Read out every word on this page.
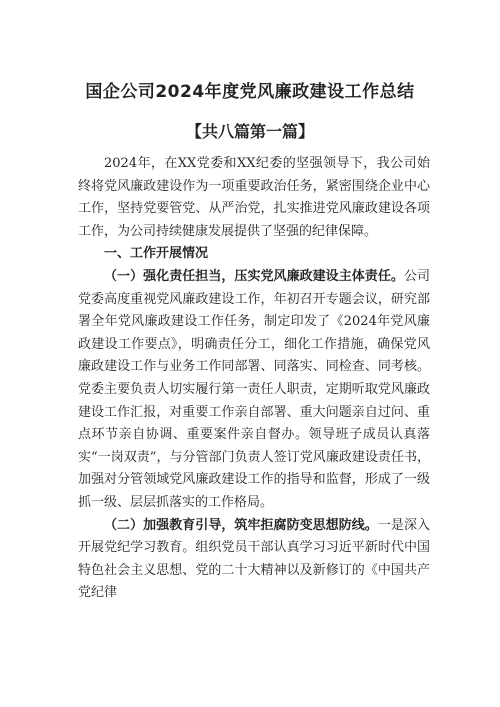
国企公司2024年度党风廉政建设工作总结
【共八篇第一篇】

2024年，在XX党委和XX纪委的坚强领导下，我公司始终将党风廉政建设作为一项重要政治任务，紧密围绕企业中心工作，坚持党要管党、从严治党，扎实推进党风廉政建设各项工作，为公司持续健康发展提供了坚强的纪律保障。

一、工作开展情况

（一）强化责任担当，压实党风廉政建设主体责任。公司党委高度重视党风廉政建设工作，年初召开专题会议，研究部署全年党风廉政建设工作任务，制定印发了《2024年党风廉政建设工作要点》，明确责任分工，细化工作措施，确保党风廉政建设工作与业务工作同部署、同落实、同检查、同考核。党委主要负责人切实履行第一责任人职责，定期听取党风廉政建设工作汇报，对重要工作亲自部署、重大问题亲自过问、重点环节亲自协调、重要案件亲自督办。领导班子成员认真落实“一岗双责”，与分管部门负责人签订党风廉政建设责任书，加强对分管领域党风廉政建设工作的指导和监督，形成了一级抓一级、层层抓落实的工作格局。

（二）加强教育引导，筑牢拒腐防变思想防线。一是深入开展党纪学习教育。组织党员干部认真学习习近平新时代中国特色社会主义思想、党的二十大精神以及新修订的《中国共产党纪律
